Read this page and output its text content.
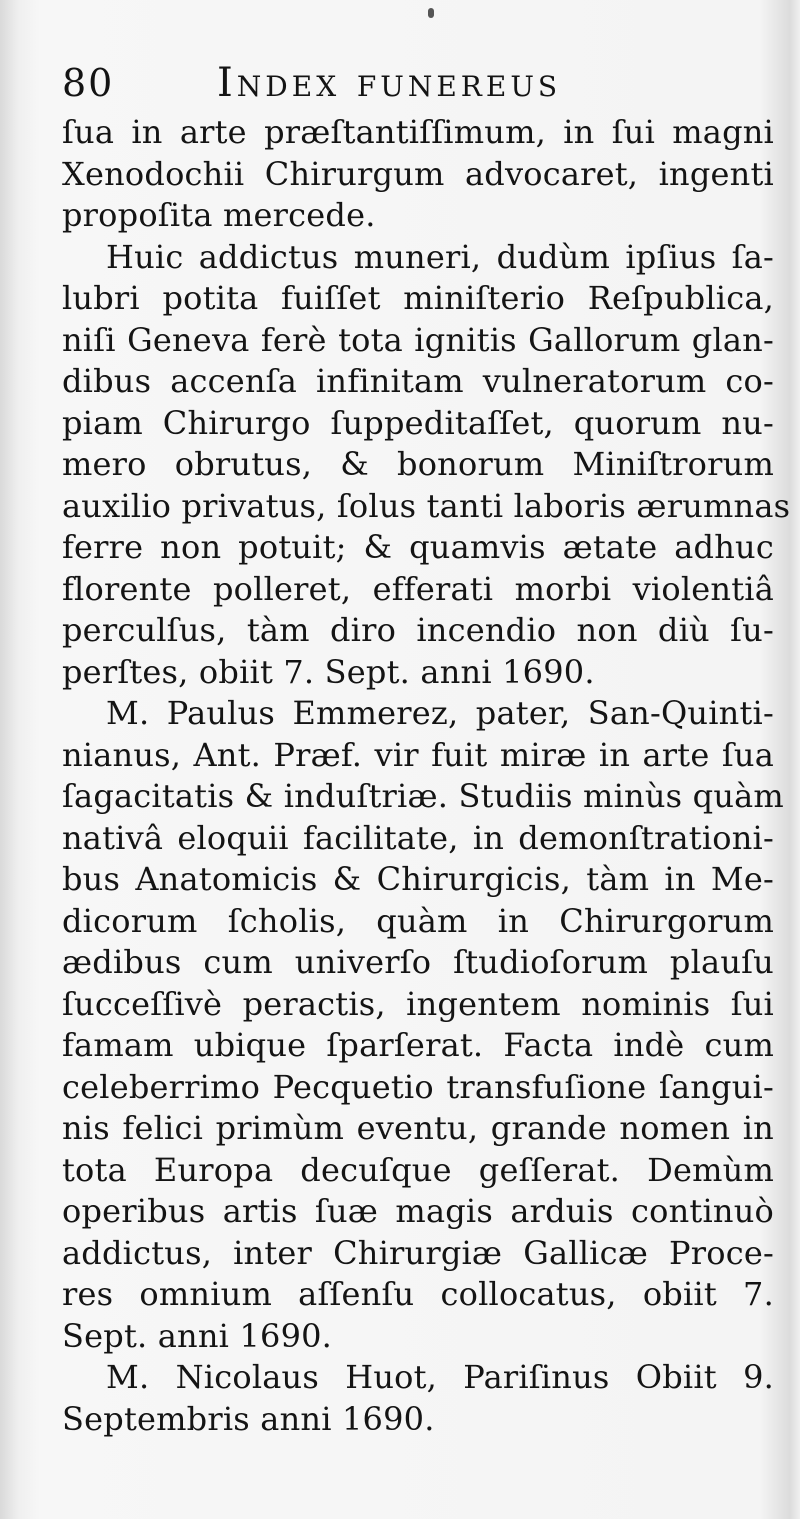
80	Index funereus
ſua in arte præſtantiſſimum, in ſui magni
Xenodochii Chirurgum advocaret, ingenti
propoſita mercede.
Huic addictus muneri, dudùm ipſius ſa-
lubri potita fuiſſet miniſterio Reſpublica,
niſi Geneva ferè tota ignitis Gallorum glan-
dibus accenſa infinitam vulneratorum co-
piam Chirurgo ſuppeditaſſet, quorum nu-
mero obrutus, & bonorum Miniſtrorum
auxilio privatus, ſolus tanti laboris ærumnas
ferre non potuit; & quamvis ætate adhuc
florente polleret, efferati morbi violentiâ
perculſus, tàm diro incendio non diù ſu-
perſtes, obiit 7. Sept. anni 1690.
M. Paulus Emmerez, pater, San-Quinti-
nianus, Ant. Præf. vir fuit miræ in arte ſua
ſagacitatis & induſtriæ. Studiis minùs quàm
nativâ eloquii facilitate, in demonſtrationi-
bus Anatomicis & Chirurgicis, tàm in Me-
dicorum ſcholis, quàm in Chirurgorum
ædibus cum univerſo ſtudioſorum plauſu
ſucceſſivè peractis, ingentem nominis ſui
famam ubique ſparſerat. Facta indè cum
celeberrimo Pecquetio transfuſione ſangui-
nis felici primùm eventu, grande nomen in
tota Europa decuſque geſſerat. Demùm
operibus artis ſuæ magis arduis continuò
addictus, inter Chirurgiæ Gallicæ Proce-
res omnium aſſenſu collocatus, obiit 7.
Sept. anni 1690.
M. Nicolaus Huot, Pariſinus Obiit 9.
Septembris anni 1690.
